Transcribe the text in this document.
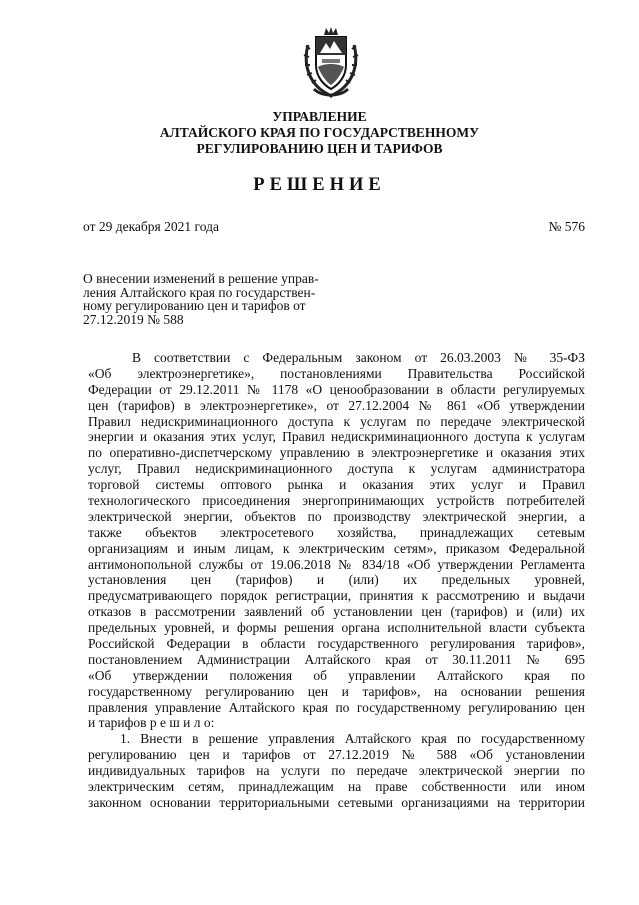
УПРАВЛЕНИЕ
АЛТАЙСКОГО КРАЯ ПО ГОСУДАРСТВЕННОМУ
РЕГУЛИРОВАНИЮ ЦЕН И ТАРИФОВ
РЕШЕНИЕ
от 29 декабря 2021 года	№ 576
О внесении изменений в решение управ-
ления Алтайского края по государствен-
ному регулированию цен и тарифов от
27.12.2019 № 588
В соответствии с Федеральным законом от 26.03.2003 № 35-ФЗ
«Об электроэнергетике», постановлениями Правительства Российской
Федерации от 29.12.2011 № 1178 «О ценообразовании в области регулируемых
цен (тарифов) в электроэнергетике», от 27.12.2004 № 861 «Об утверждении
Правил недискриминационного доступа к услугам по передаче электрической
энергии и оказания этих услуг, Правил недискриминационного доступа к услугам
по оперативно-диспетчерскому управлению в электроэнергетике и оказания этих
услуг, Правил недискриминационного доступа к услугам администратора
торговой системы оптового рынка и оказания этих услуг и Правил
технологического присоединения энергопринимающих устройств потребителей
электрической энергии, объектов по производству электрической энергии, а
также объектов электросетевого хозяйства, принадлежащих сетевым
организациям и иным лицам, к электрическим сетям», приказом Федеральной
антимонопольной службы от 19.06.2018 № 834/18 «Об утверждении Регламента
установления цен (тарифов) и (или) их предельных уровней,
предусматривающего порядок регистрации, принятия к рассмотрению и выдачи
отказов в рассмотрении заявлений об установлении цен (тарифов) и (или) их
предельных уровней, и формы решения органа исполнительной власти субъекта
Российской Федерации в области государственного регулирования тарифов»,
постановлением Администрации Алтайского края от 30.11.2011 № 695
«Об утверждении положения об управлении Алтайского края по
государственному регулированию цен и тарифов», на основании решения
правления управление Алтайского края по государственному регулированию цен
и тарифов р е ш и л о:
1. Внести в решение управления Алтайского края по государственному
регулированию цен и тарифов от 27.12.2019 № 588 «Об установлении
индивидуальных тарифов на услуги по передаче электрической энергии по
электрическим сетям, принадлежащим на праве собственности или ином
законном основании территориальными сетевыми организациями на территории
